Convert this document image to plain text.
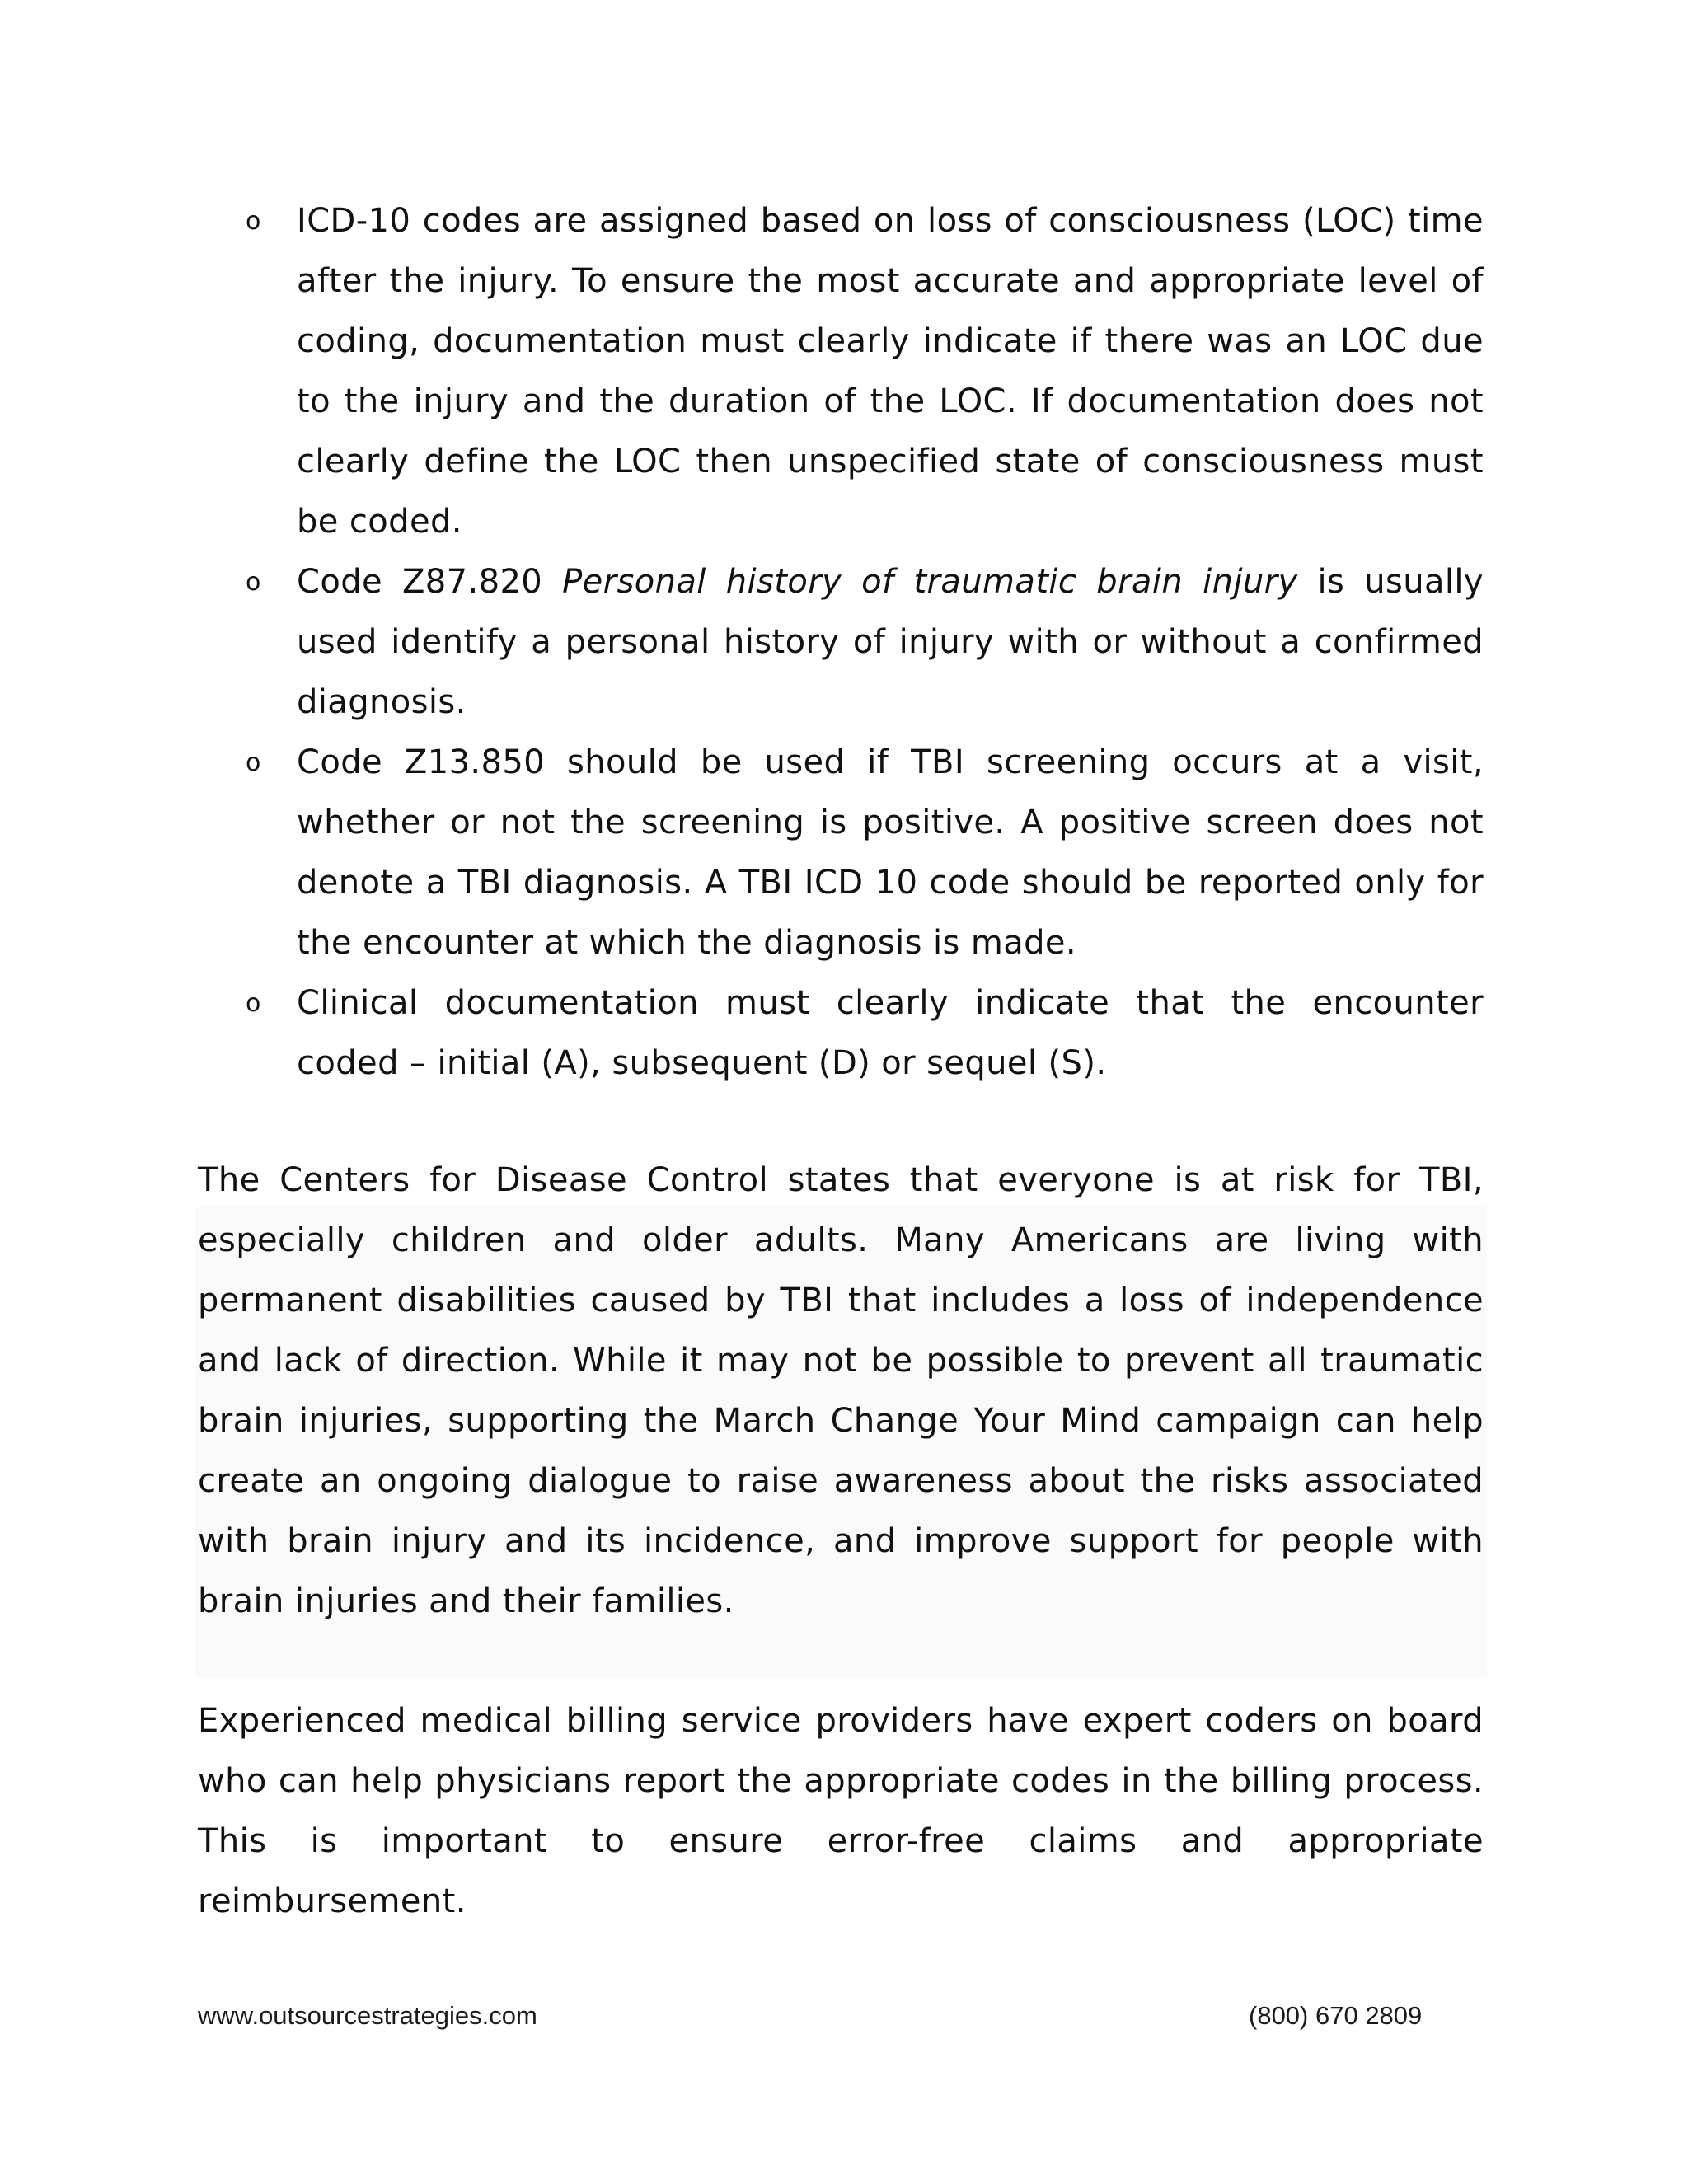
o ICD-10 codes are assigned based on loss of consciousness (LOC) time after the injury. To ensure the most accurate and appropriate level of coding, documentation must clearly indicate if there was an LOC due to the injury and the duration of the LOC. If documentation does not clearly define the LOC then unspecified state of consciousness must be coded.
o Code Z87.820 Personal history of traumatic brain injury is usually used identify a personal history of injury with or without a confirmed diagnosis.
o Code Z13.850 should be used if TBI screening occurs at a visit, whether or not the screening is positive. A positive screen does not denote a TBI diagnosis. A TBI ICD 10 code should be reported only for the encounter at which the diagnosis is made.
o Clinical documentation must clearly indicate that the encounter coded – initial (A), subsequent (D) or sequel (S).

The Centers for Disease Control states that everyone is at risk for TBI, especially children and older adults. Many Americans are living with permanent disabilities caused by TBI that includes a loss of independence and lack of direction. While it may not be possible to prevent all traumatic brain injuries, supporting the March Change Your Mind campaign can help create an ongoing dialogue to raise awareness about the risks associated with brain injury and its incidence, and improve support for people with brain injuries and their families.

Experienced medical billing service providers have expert coders on board who can help physicians report the appropriate codes in the billing process. This is important to ensure error-free claims and appropriate reimbursement.

www.outsourcestrategies.com	(800) 670 2809
